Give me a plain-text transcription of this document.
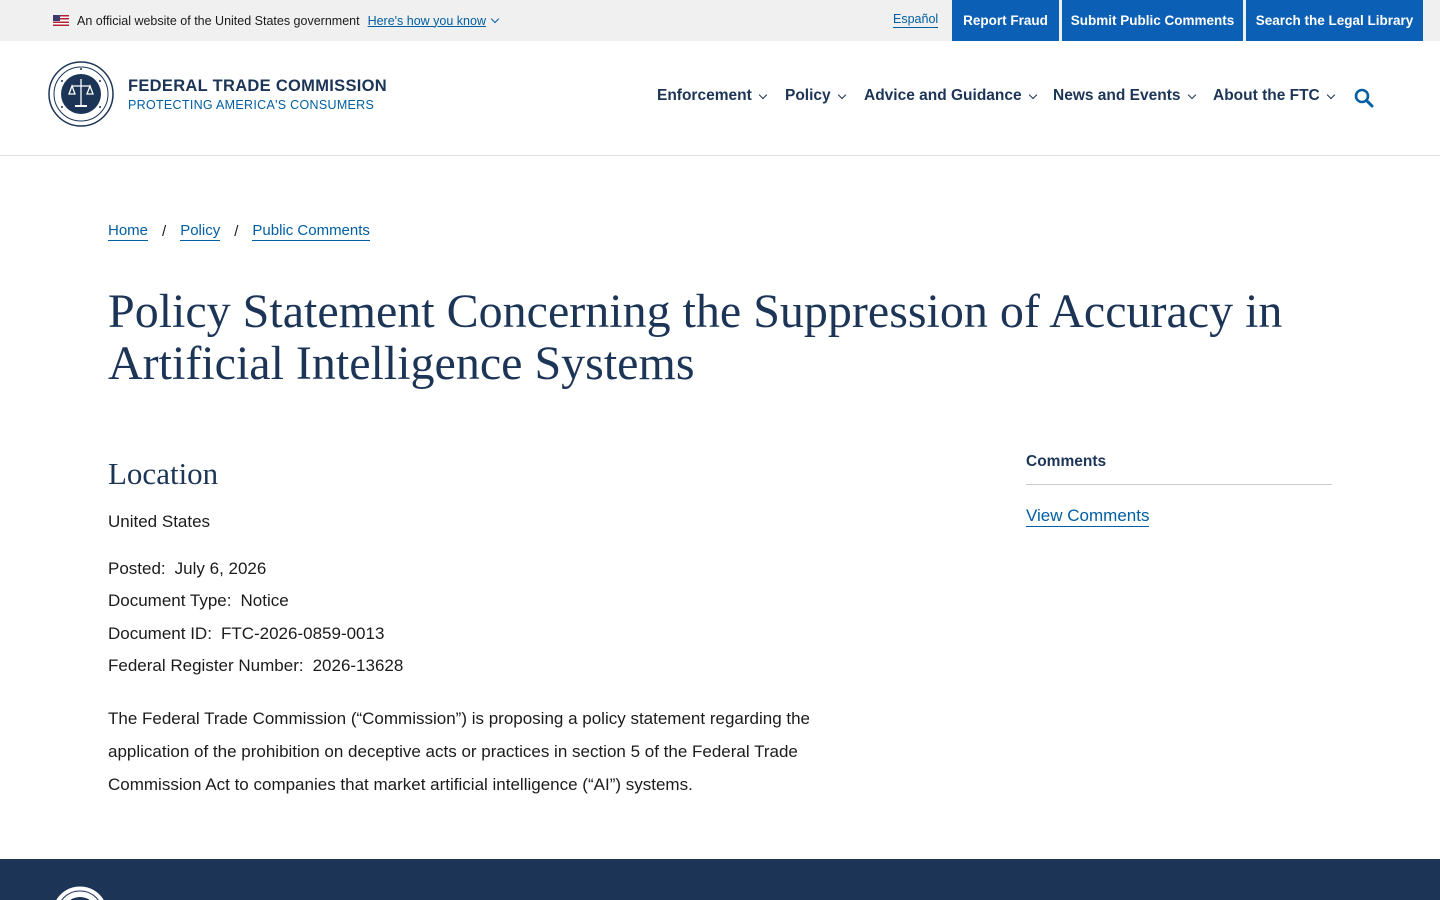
An official website of the United States government Here's how you know	Español	Report Fraud	Submit Public Comments	Search the Legal Library
FEDERAL TRADE COMMISSION
PROTECTING AMERICA'S CONSUMERS
Enforcement Policy Advice and Guidance News and Events About the FTC
Home / Policy / Public Comments
Policy Statement Concerning the Suppression of Accuracy in Artificial Intelligence Systems
Location
United States
Posted: July 6, 2026
Document Type: Notice
Document ID: FTC-2026-0859-0013
Federal Register Number: 2026-13628

The Federal Trade Commission (“Commission”) is proposing a policy statement regarding the application of the prohibition on deceptive acts or practices in section 5 of the Federal Trade Commission Act to companies that market artificial intelligence (“AI”) systems.

Comments
View Comments
